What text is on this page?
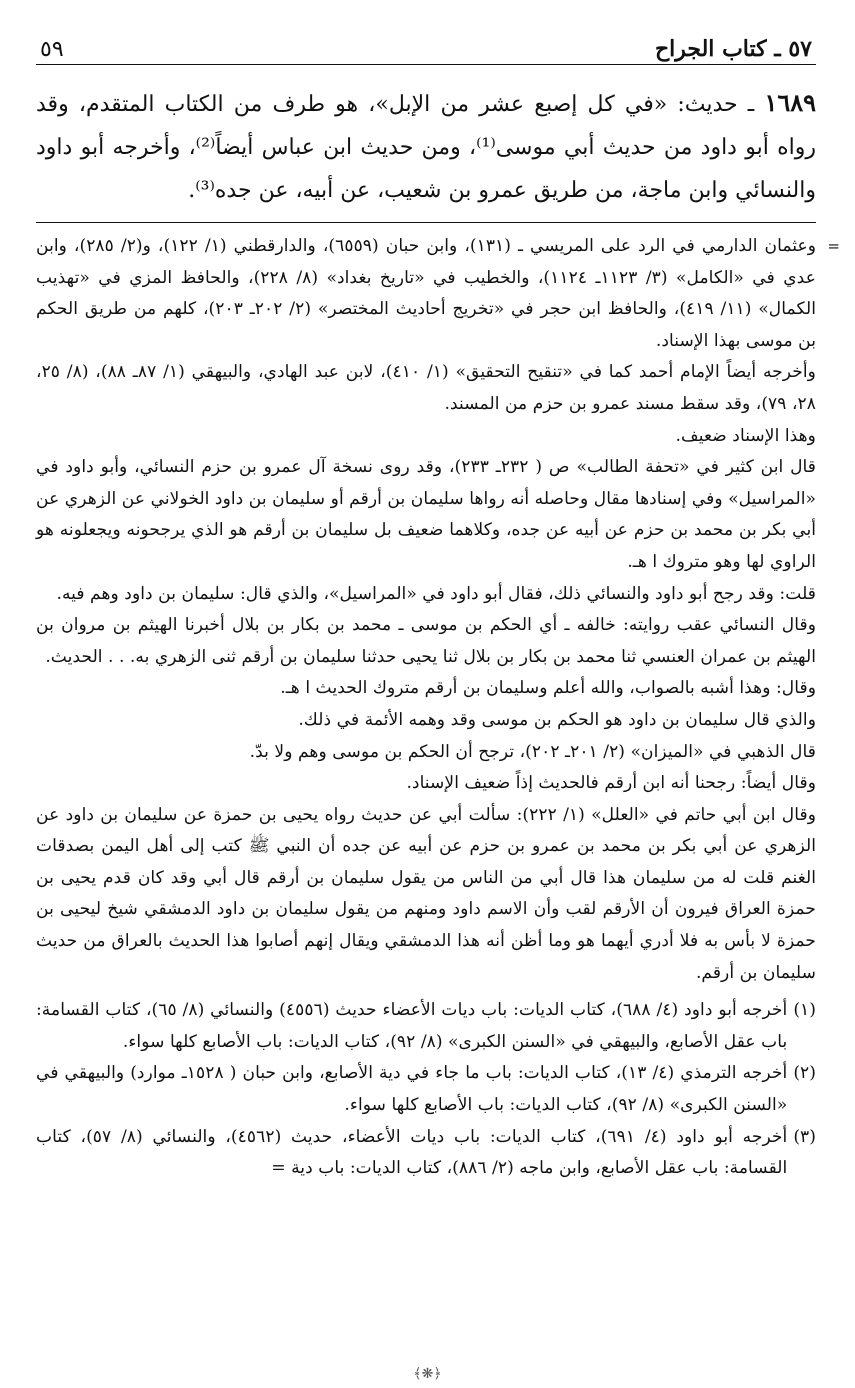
٥٧ ـ كتاب الجراح
٥٩
١٦٨٩ ـ حديث: «في كل إصبع عشر من الإبل»، هو طرف من الكتاب المتقدم، وقد رواه أبو داود من حديث أبي موسى⁽¹⁾، ومن حديث ابن عباس أيضاً⁽²⁾، وأخرجه أبو داود والنسائي وابن ماجة، من طريق عمرو بن شعيب، عن أبيه، عن جده⁽³⁾.
=

وعثمان الدارمي في الرد على المريسي ـ (١٣١)، وابن حبان (٦٥٥٩)، والدارقطني (١/ ١٢٢)، و(٢/ ٢٨٥)، وابن عدي في «الكامل» (٣/ ١١٢٣ـ ١١٢٤)، والخطيب في «تاريخ بغداد» (٨/ ٢٢٨)، والحافظ المزي في «تهذيب الكمال» (١١/ ٤١٩)، والحافظ ابن حجر في «تخريج أحاديث المختصر» (٢/ ٢٠٢ـ ٢٠٣)، كلهم من طريق الحكم بن موسى بهذا الإسناد.

وأخرجه أيضاً الإمام أحمد كما في «تنقيح التحقيق» (١/ ٤١٠)، لابن عبد الهادي، والبيهقي (١/ ٨٧ـ ٨٨)، (٨/ ٢٥، ٢٨، ٧٩)، وقد سقط مسند عمرو بن حزم من المسند.

وهذا الإسناد ضعيف.

قال ابن كثير في «تحفة الطالب» ص ( ٢٣٢ـ ٢٣٣)، وقد روى نسخة آل عمرو بن حزم النسائي، وأبو داود في «المراسيل» وفي إسنادها مقال وحاصله أنه رواها سليمان بن أرقم أو سليمان بن داود الخولاني عن الزهري عن أبي بكر بن محمد بن حزم عن أبيه عن جده، وكلاهما ضعيف بل سليمان بن أرقم هو الذي يرجحونه ويجعلونه هو الراوي لها وهو متروك ا هـ.

قلت: وقد رجح أبو داود والنسائي ذلك، فقال أبو داود في «المراسيل»، والذي قال: سليمان بن داود وهم فيه.

وقال النسائي عقب روايته: خالفه ـ أي الحكم بن موسى ـ محمد بن بكار بن بلال أخبرنا الهيثم بن مروان بن الهيثم بن عمران العنسي ثنا محمد بن بكار بن بلال ثنا يحيى حدثنا سليمان بن أرقم ثنى الزهري به. . . الحديث.

وقال: وهذا أشبه بالصواب، والله أعلم وسليمان بن أرقم متروك الحديث ا هـ.

والذي قال سليمان بن داود هو الحكم بن موسى وقد وهمه الأئمة في ذلك.

قال الذهبي في «الميزان» (٢/ ٢٠١ـ ٢٠٢)، ترجح أن الحكم بن موسى وهم ولا بدّ.

وقال أيضاً: رجحنا أنه ابن أرقم فالحديث إذاً ضعيف الإسناد.

وقال ابن أبي حاتم في «العلل» (١/ ٢٢٢): سألت أبي عن حديث رواه يحيى بن حمزة عن سليمان بن داود عن الزهري عن أبي بكر بن محمد بن عمرو بن حزم عن أبيه عن جده أن النبي ﷺ كتب إلى أهل اليمن بصدقات الغنم قلت له من سليمان هذا قال أبي من الناس من يقول سليمان بن أرقم قال أبي وقد كان قدم يحيى بن حمزة العراق فيرون أن الأرقم لقب وأن الاسم داود ومنهم من يقول سليمان بن داود الدمشقي شيخ ليحيى بن حمزة لا بأس به فلا أدري أيهما هو وما أظن أنه هذا الدمشقي ويقال إنهم أصابوا هذا الحديث بالعراق من حديث سليمان بن أرقم.

(١)
أخرجه أبو داود (٤/ ٦٨٨)، كتاب الديات: باب ديات الأعضاء حديث (٤٥٥٦) والنسائي (٨/ ٦٥)، كتاب القسامة: باب عقل الأصابع، والبيهقي في «السنن الكبرى» (٨/ ٩٢)، كتاب الديات: باب الأصابع كلها سواء.
(٢)
أخرجه الترمذي (٤/ ١٣)، كتاب الديات: باب ما جاء في دية الأصابع، وابن حبان ( ١٥٢٨ـ موارد) والبيهقي في «السنن الكبرى» (٨/ ٩٢)، كتاب الديات: باب الأصابع كلها سواء.
(٣)
أخرجه أبو داود (٤/ ٦٩١)، كتاب الديات: باب ديات الأعضاء، حديث (٤٥٦٢)، والنسائي (٨/ ٥٧)، كتاب القسامة: باب عقل الأصابع، وابن ماجه (٢/ ٨٨٦)، كتاب الديات: باب دية =
﴿❋﴾
